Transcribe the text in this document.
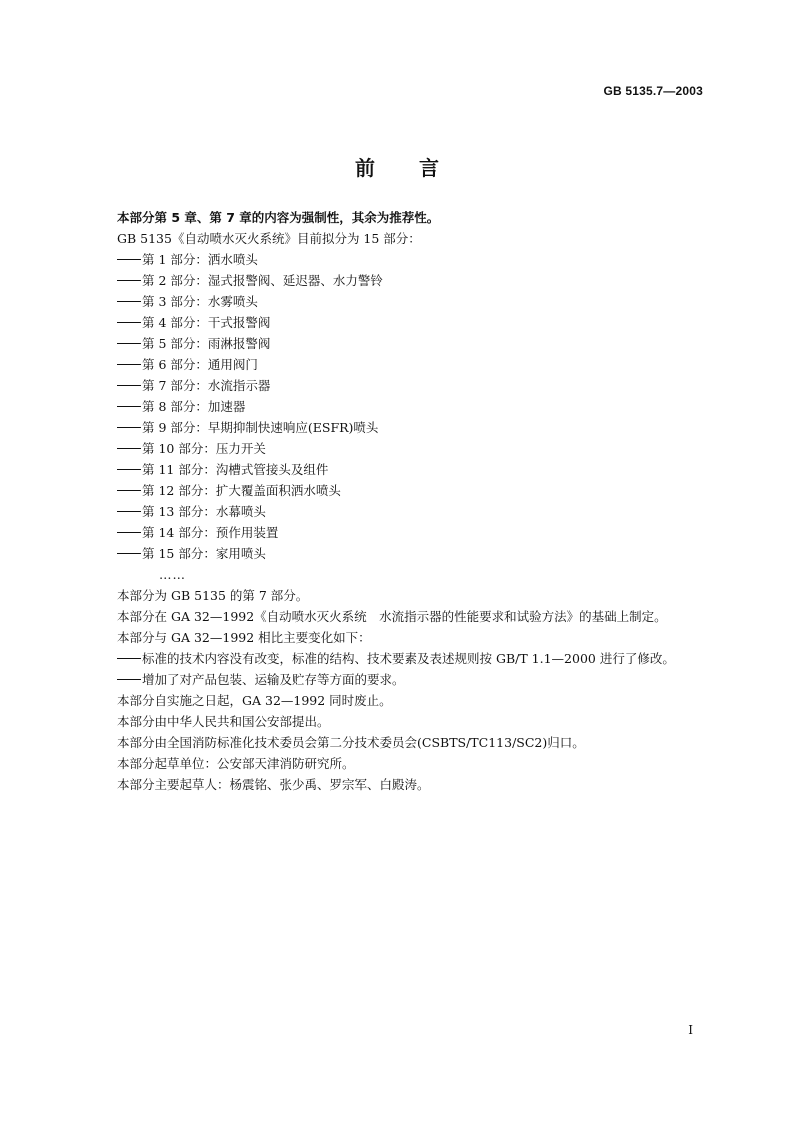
GB 5135.7—2003
前言
本部分第 5 章、第 7 章的内容为强制性，其余为推荐性。
GB 5135《自动喷水灭火系统》目前拟分为 15 部分：
第 1 部分：洒水喷头
第 2 部分：湿式报警阀、延迟器、水力警铃
第 3 部分：水雾喷头
第 4 部分：干式报警阀
第 5 部分：雨淋报警阀
第 6 部分：通用阀门
第 7 部分：水流指示器
第 8 部分：加速器
第 9 部分：早期抑制快速响应(ESFR)喷头
第 10 部分：压力开关
第 11 部分：沟槽式管接头及组件
第 12 部分：扩大覆盖面积洒水喷头
第 13 部分：水幕喷头
第 14 部分：预作用装置
第 15 部分：家用喷头
……
本部分为 GB 5135 的第 7 部分。
本部分在 GA 32—1992《自动喷水灭火系统　水流指示器的性能要求和试验方法》的基础上制定。
本部分与 GA 32—1992 相比主要变化如下：
标准的技术内容没有改变，标准的结构、技术要素及表述规则按 GB/T 1.1—2000 进行了修改。
增加了对产品包装、运输及贮存等方面的要求。
本部分自实施之日起，GA 32—1992 同时废止。
本部分由中华人民共和国公安部提出。
本部分由全国消防标准化技术委员会第二分技术委员会(CSBTS/TC113/SC2)归口。
本部分起草单位：公安部天津消防研究所。
本部分主要起草人：杨震铭、张少禹、罗宗军、白殿涛。
I
